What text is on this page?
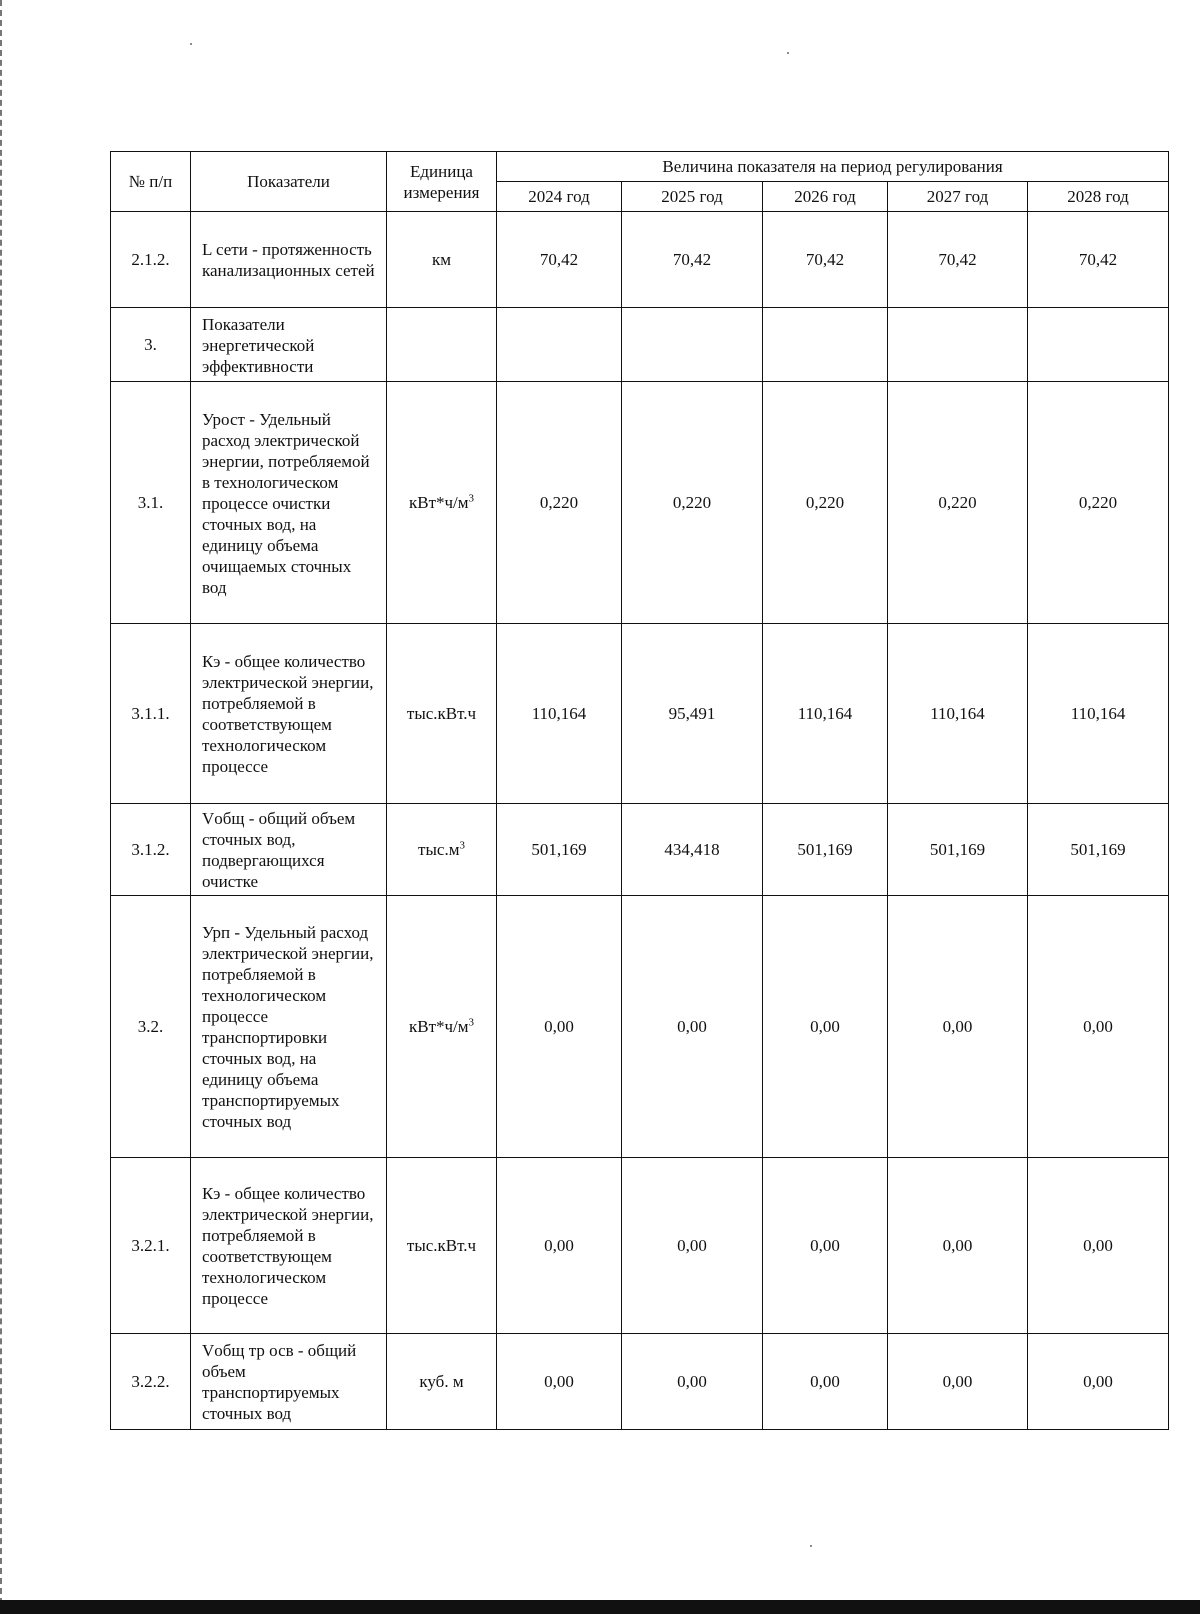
№ п/п	Показатели	Единица измерения	Величина показателя на период регулирования				
			2024 год	2025 год	2026 год	2027 год	2028 год
2.1.2.	L сети - протяженность канализационных сетей	км	70,42	70,42	70,42	70,42	70,42
3.	Показатели энергетической эффективности						
3.1.	Урост - Удельный расход электрической энергии, потребляемой в технологическом процессе очистки сточных вод, на единицу объема очищаемых сточных вод	$кВт*ч/м^3$	0,220	0,220	0,220	0,220	0,220
3.1.1.	Кэ - общее количество электрической энергии, потребляемой в соответствующем технологическом процессе	тыс.кВт.ч	110,164	95,491	110,164	110,164	110,164
3.1.2.	Vобщ - общий объем сточных вод, подвергающихся очистке	$тыс.м^3$	501,169	434,418	501,169	501,169	501,169
3.2.	Урп - Удельный расход электрической энергии, потребляемой в технологическом процессе транспортировки сточных вод, на единицу объема транспортируемых сточных вод	$кВт*ч/м^3$	0,00	0,00	0,00	0,00	0,00
3.2.1.	Кэ - общее количество электрической энергии, потребляемой в соответствующем технологическом процессе	тыс.кВт.ч	0,00	0,00	0,00	0,00	0,00
3.2.2.	Vобщ тр осв - общий объем транспортируемых сточных вод	куб. м	0,00	0,00	0,00	0,00	0,00
